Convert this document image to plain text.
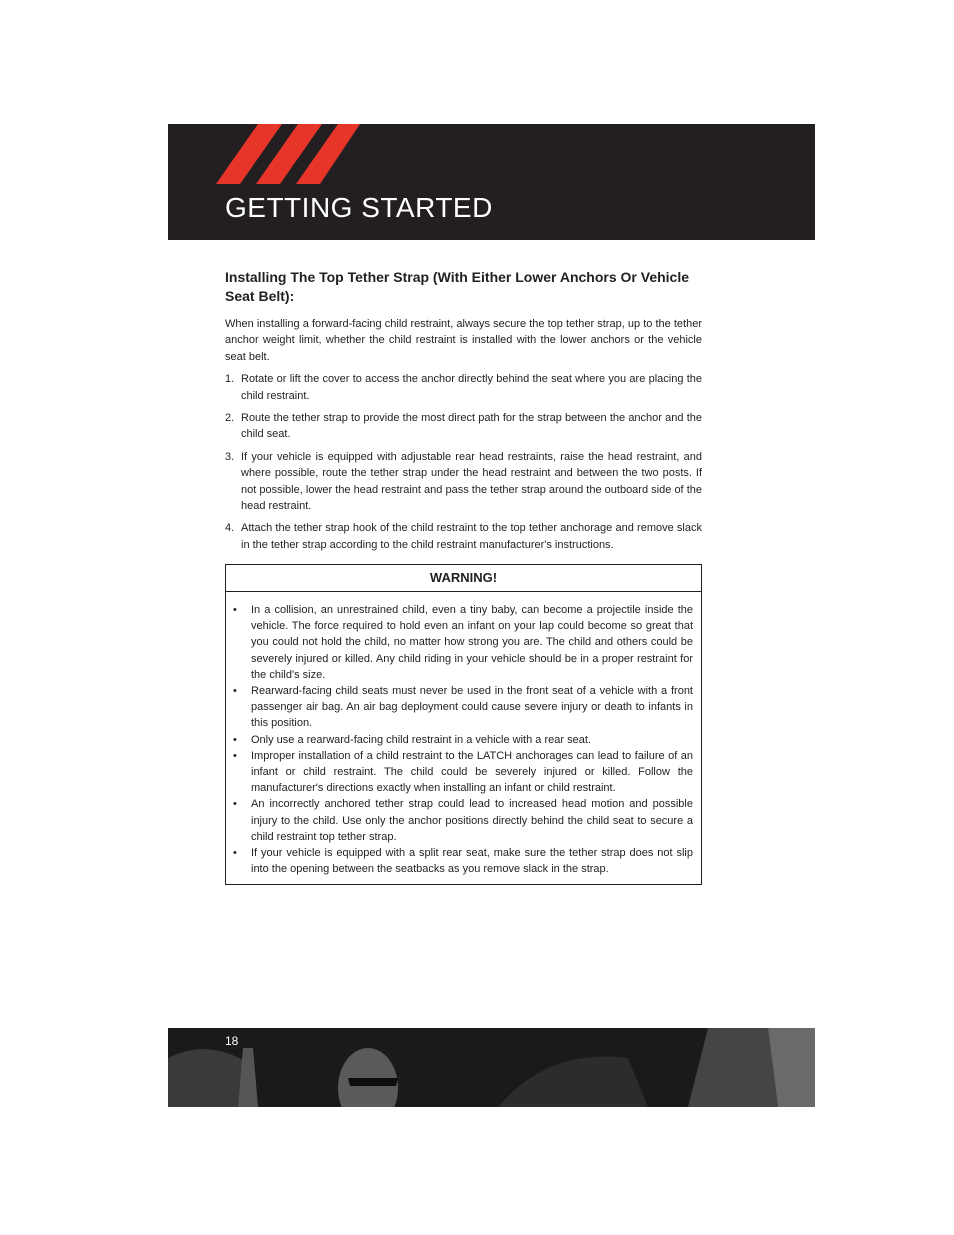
GETTING STARTED
Installing The Top Tether Strap (With Either Lower Anchors Or Vehicle Seat Belt):

When installing a forward-facing child restraint, always secure the top tether strap, up to the tether anchor weight limit, whether the child restraint is installed with the lower anchors or the vehicle seat belt.

1. Rotate or lift the cover to access the anchor directly behind the seat where you are placing the child restraint.
2. Route the tether strap to provide the most direct path for the strap between the anchor and the child seat.
3. If your vehicle is equipped with adjustable rear head restraints, raise the head restraint, and where possible, route the tether strap under the head restraint and between the two posts. If not possible, lower the head restraint and pass the tether strap around the outboard side of the head restraint.
4. Attach the tether strap hook of the child restraint to the top tether anchorage and remove slack in the tether strap according to the child restraint manufacturer's instructions.
WARNING!
• In a collision, an unrestrained child, even a tiny baby, can become a projectile inside the vehicle. The force required to hold even an infant on your lap could become so great that you could not hold the child, no matter how strong you are. The child and others could be severely injured or killed. Any child riding in your vehicle should be in a proper restraint for the child's size.
• Rearward-facing child seats must never be used in the front seat of a vehicle with a front passenger air bag. An air bag deployment could cause severe injury or death to infants in this position.
• Only use a rearward-facing child restraint in a vehicle with a rear seat.
• Improper installation of a child restraint to the LATCH anchorages can lead to failure of an infant or child restraint. The child could be severely injured or killed. Follow the manufacturer's directions exactly when installing an infant or child restraint.
• An incorrectly anchored tether strap could lead to increased head motion and possible injury to the child. Use only the anchor positions directly behind the child seat to secure a child restraint top tether strap.
• If your vehicle is equipped with a split rear seat, make sure the tether strap does not slip into the opening between the seatbacks as you remove slack in the strap.
18
